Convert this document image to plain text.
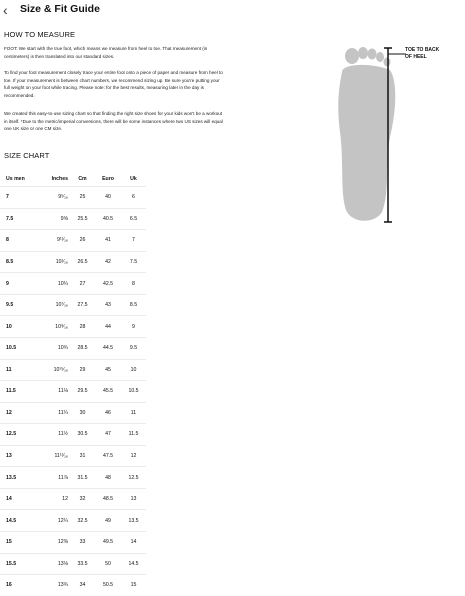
‹ Size & Fit Guide
HOW TO MEASURE
FOOT: We start with the true foot, which means we measure from heel to toe. That measurement (in centimeters) is then translated into our standard sizes.
To find your foot measurement closely trace your entire foot onto a piece of paper and measure from heel to toe. If your measurement is between chart numbers, we recommend sizing up. Be sure you're putting your full weight on your foot while tracing. Please note: for the best results, measuring later in the day is recommended.
We created this easy-to-use sizing chart so that finding the right size shoes for your kids won't be a workout in itself. *Due to the metric/imperial conversions, there will be some instances where two US sizes will equal one UK size or one CM size.
TOE TO BACK OF HEEL
SIZE CHART
Us men	Inches	Cm	Euro	Uk
7	9⁵⁄₁₆	25	40	6
7.5	9⅝	25.5	40.5	6.5
8	9¹¹⁄₁₆	26	41	7
8.5	10¹⁄₁₆	26.5	42	7.5
9	10¼	27	42.5	8
9.5	10⁷⁄₁₆	27.5	43	8.5
10	10⁹⁄₁₆	28	44	9
10.5	10¾	28.5	44.5	9.5
11	10¹⁵⁄₁₆	29	45	10
11.5	11⅛	29.5	45.5	10.5
12	11¼	30	46	11
12.5	11½	30.5	47	11.5
13	11¹¹⁄₁₆	31	47.5	12
13.5	11⅞	31.5	48	12.5
14	12	32	48.5	13
14.5	12¼	32.5	49	13.5
15	12⅜	33	49.5	14
15.5	13⅛	33.5	50	14.5
16	13¾	34	50.5	15
